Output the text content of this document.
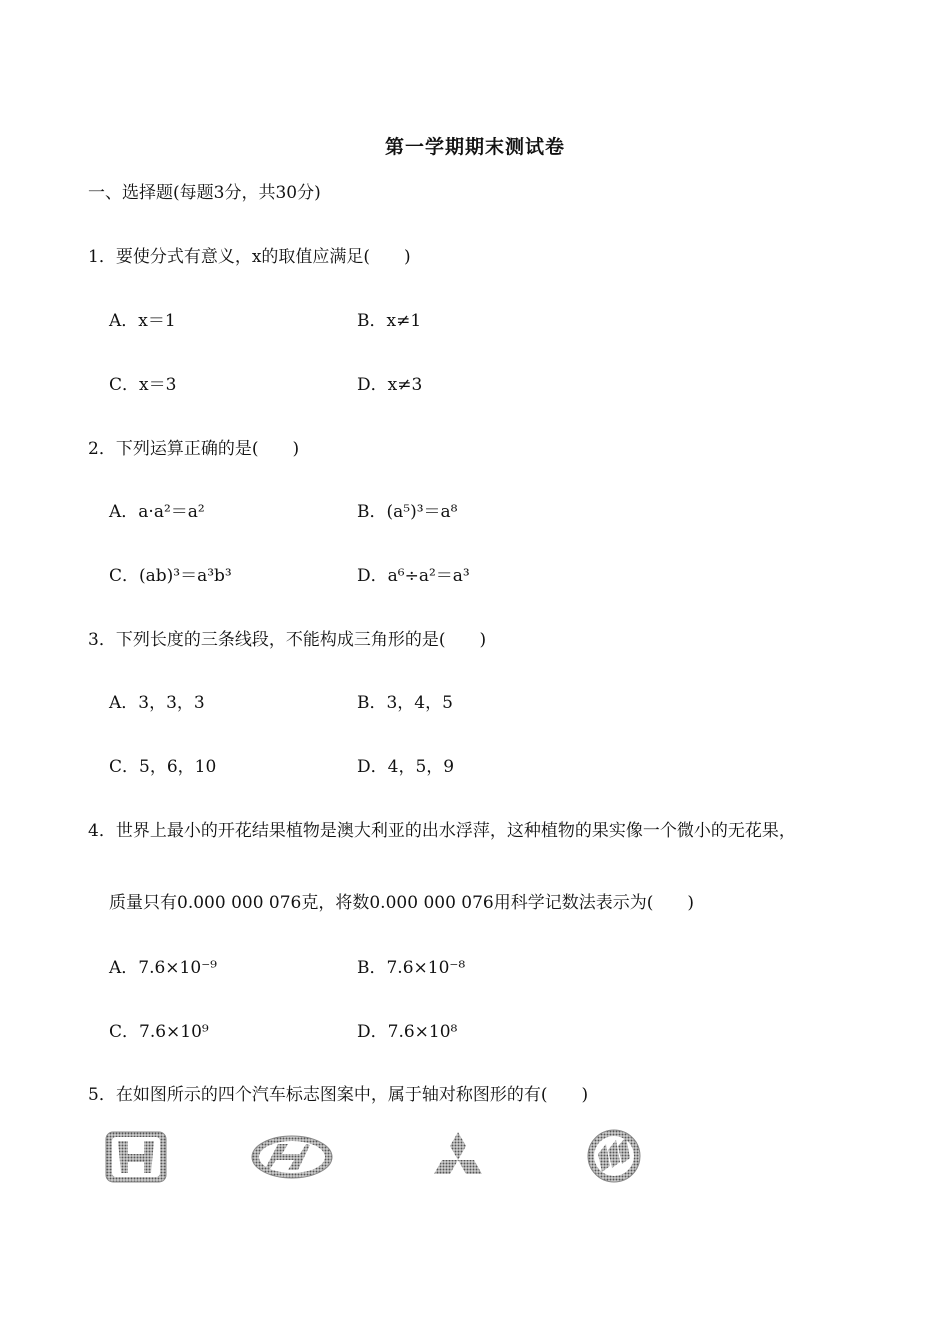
第一学期期末测试卷
一、选择题(每题3分，共30分)
1．要使分式有意义，x的取值应满足(　　)
A．x＝1	B．x≠1
C．x＝3	D．x≠3
2．下列运算正确的是(　　)
A．a·a²＝a²	B．(a⁵)³＝a⁸
C．(ab)³＝a³b³	D．a⁶÷a²＝a³
3．下列长度的三条线段，不能构成三角形的是(　　)
A．3，3，3	B．3，4，5
C．5，6，10	D．4，5，9
4．世界上最小的开花结果植物是澳大利亚的出水浮萍，这种植物的果实像一个微小的无花果，
质量只有0.000 000 076克，将数0.000 000 076用科学记数法表示为(　　)
A．7.6×10⁻⁹	B．7.6×10⁻⁸
C．7.6×10⁹	D．7.6×10⁸
5．在如图所示的四个汽车标志图案中，属于轴对称图形的有(　　)
